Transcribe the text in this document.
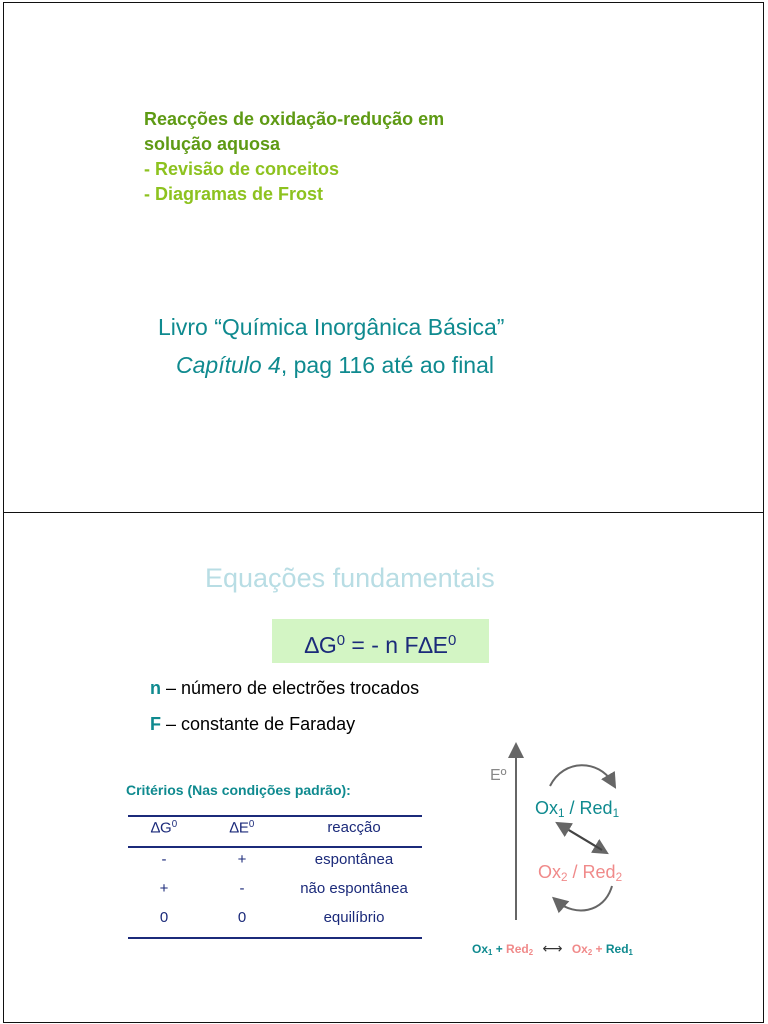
Reacções de oxidação-redução em
solução aquosa
- Revisão de conceitos
- Diagramas de Frost
Livro “Química Inorgânica Básica”
Capítulo 4, pag 116 até ao final
Equações fundamentais
$\Delta G^0$ = - n $F\Delta E^0$
n – número de electrões trocados
F – constante de Faraday
Critérios (Nas condições padrão):
$\Delta G^0$	$\Delta E^0$	reacção
-	+	espontânea
+	-	não espontânea
0	0	equilíbrio
Eº
$Ox_1 / Red_1$
$Ox_2 / Red_2$
$Ox_1 + Red_2$ ⟷ $Ox_2 + Red_1$
